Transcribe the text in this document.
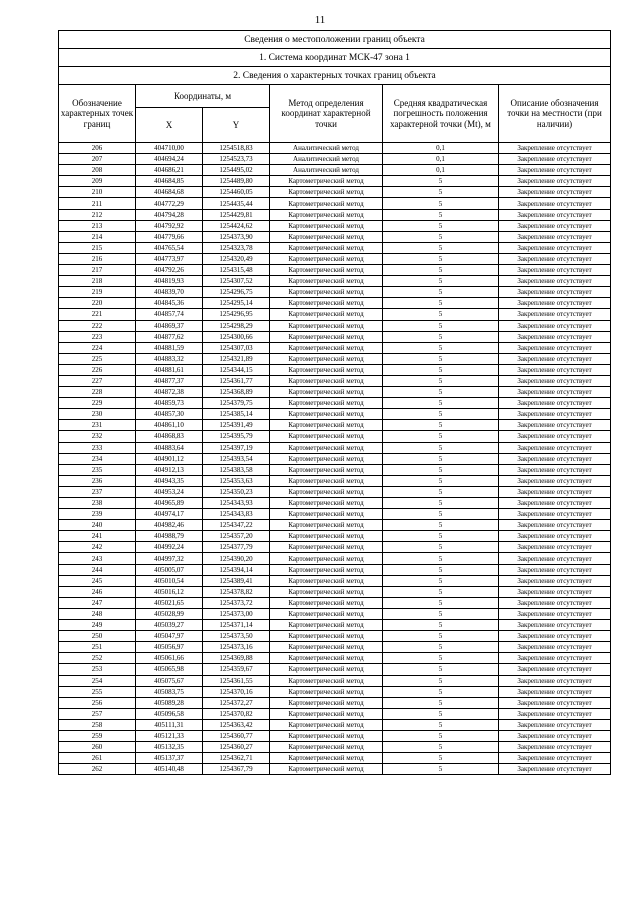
11
Сведения о местоположении границ объекта					
1. Система координат МСК-47 зона 1					
2. Сведения о характерных точках границ объекта					
Обозначение характерных точек границ	Координаты, м		Метод определения координат характерной точки	Средняя квадратическая погрешность положения характерной точки (Mt), м	Описание обозначения точки на местности (при наличии)
	X	Y			
206	404710,00	1254518,83	Аналитический метод	0,1	Закрепление отсутствует
207	404694,24	1254523,73	Аналитический метод	0,1	Закрепление отсутствует
208	404686,21	1254495,02	Аналитический метод	0,1	Закрепление отсутствует
209	404684,85	1254489,80	Картометрический метод	5	Закрепление отсутствует
210	404684,68	1254460,05	Картометрический метод	5	Закрепление отсутствует
211	404772,29	1254435,44	Картометрический метод	5	Закрепление отсутствует
212	404794,28	1254429,81	Картометрический метод	5	Закрепление отсутствует
213	404792,92	1254424,62	Картометрический метод	5	Закрепление отсутствует
214	404779,66	1254373,90	Картометрический метод	5	Закрепление отсутствует
215	404765,54	1254323,78	Картометрический метод	5	Закрепление отсутствует
216	404773,97	1254320,49	Картометрический метод	5	Закрепление отсутствует
217	404792,26	1254315,48	Картометрический метод	5	Закрепление отсутствует
218	404819,93	1254307,52	Картометрический метод	5	Закрепление отсутствует
219	404839,70	1254296,75	Картометрический метод	5	Закрепление отсутствует
220	404845,36	1254295,14	Картометрический метод	5	Закрепление отсутствует
221	404857,74	1254296,95	Картометрический метод	5	Закрепление отсутствует
222	404869,37	1254298,29	Картометрический метод	5	Закрепление отсутствует
223	404877,62	1254300,66	Картометрический метод	5	Закрепление отсутствует
224	404881,59	1254307,03	Картометрический метод	5	Закрепление отсутствует
225	404883,32	1254321,89	Картометрический метод	5	Закрепление отсутствует
226	404881,61	1254344,15	Картометрический метод	5	Закрепление отсутствует
227	404877,37	1254361,77	Картометрический метод	5	Закрепление отсутствует
228	404872,38	1254368,89	Картометрический метод	5	Закрепление отсутствует
229	404859,73	1254379,75	Картометрический метод	5	Закрепление отсутствует
230	404857,30	1254385,14	Картометрический метод	5	Закрепление отсутствует
231	404861,10	1254391,49	Картометрический метод	5	Закрепление отсутствует
232	404868,83	1254395,79	Картометрический метод	5	Закрепление отсутствует
233	404883,64	1254397,19	Картометрический метод	5	Закрепление отсутствует
234	404901,12	1254393,54	Картометрический метод	5	Закрепление отсутствует
235	404912,13	1254383,58	Картометрический метод	5	Закрепление отсутствует
236	404943,35	1254353,63	Картометрический метод	5	Закрепление отсутствует
237	404953,24	1254350,23	Картометрический метод	5	Закрепление отсутствует
238	404965,89	1254343,93	Картометрический метод	5	Закрепление отсутствует
239	404974,17	1254343,83	Картометрический метод	5	Закрепление отсутствует
240	404982,46	1254347,22	Картометрический метод	5	Закрепление отсутствует
241	404988,79	1254357,20	Картометрический метод	5	Закрепление отсутствует
242	404992,24	1254377,79	Картометрический метод	5	Закрепление отсутствует
243	404997,32	1254390,20	Картометрический метод	5	Закрепление отсутствует
244	405005,07	1254394,14	Картометрический метод	5	Закрепление отсутствует
245	405010,54	1254389,41	Картометрический метод	5	Закрепление отсутствует
246	405016,12	1254378,82	Картометрический метод	5	Закрепление отсутствует
247	405021,65	1254373,72	Картометрический метод	5	Закрепление отсутствует
248	405028,99	1254373,00	Картометрический метод	5	Закрепление отсутствует
249	405039,27	1254371,14	Картометрический метод	5	Закрепление отсутствует
250	405047,97	1254373,50	Картометрический метод	5	Закрепление отсутствует
251	405056,97	1254373,16	Картометрический метод	5	Закрепление отсутствует
252	405061,66	1254369,88	Картометрический метод	5	Закрепление отсутствует
253	405065,98	1254359,67	Картометрический метод	5	Закрепление отсутствует
254	405075,67	1254361,55	Картометрический метод	5	Закрепление отсутствует
255	405083,75	1254370,16	Картометрический метод	5	Закрепление отсутствует
256	405089,28	1254372,27	Картометрический метод	5	Закрепление отсутствует
257	405096,58	1254370,82	Картометрический метод	5	Закрепление отсутствует
258	405111,31	1254363,42	Картометрический метод	5	Закрепление отсутствует
259	405121,33	1254360,77	Картометрический метод	5	Закрепление отсутствует
260	405132,35	1254360,27	Картометрический метод	5	Закрепление отсутствует
261	405137,37	1254362,71	Картометрический метод	5	Закрепление отсутствует
262	405140,48	1254367,79	Картометрический метод	5	Закрепление отсутствует
